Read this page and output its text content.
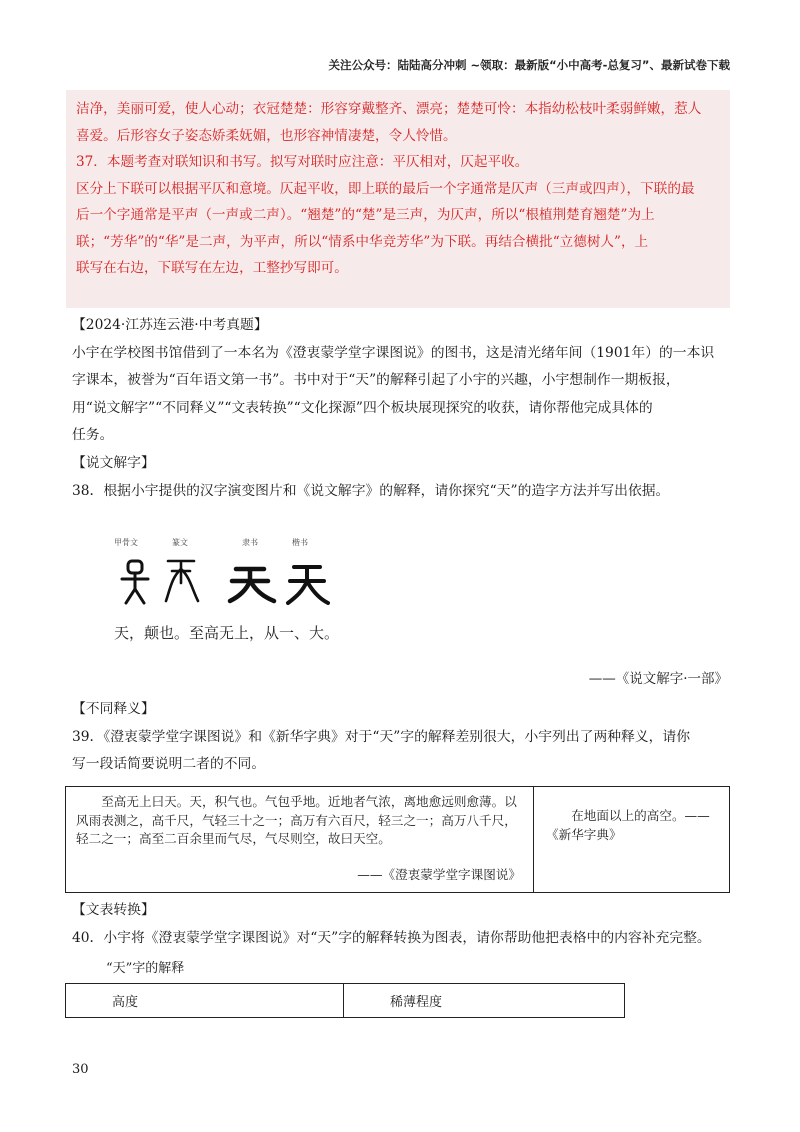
关注公众号：陆陆高分冲刺 ~领取：最新版“小中高考-总复习”、最新试卷下载

洁净，美丽可爱，使人心动；衣冠楚楚：形容穿戴整齐、漂亮；楚楚可怜：本指幼松枝叶柔弱鲜嫩，惹人

喜爱。后形容女子姿态娇柔妩媚，也形容神情凄楚，令人怜惜。

37．本题考查对联知识和书写。拟写对联时应注意：平仄相对，仄起平收。

区分上下联可以根据平仄和意境。仄起平收，即上联的最后一个字通常是仄声（三声或四声），下联的最

后一个字通常是平声（一声或二声）。“翘楚”的“楚”是三声，为仄声，所以“根植荆楚育翘楚”为上

联；“芳华”的“华”是二声，为平声，所以“情系中华竞芳华”为下联。再结合横批“立德树人”，上

联写在右边，下联写在左边，工整抄写即可。

【2024·江苏连云港·中考真题】

小宇在学校图书馆借到了一本名为《澄衷蒙学堂字课图说》的图书，这是清光绪年间（1901年）的一本识

字课本，被誉为“百年语文第一书”。书中对于“天”的解释引起了小宇的兴趣，小宇想制作一期板报，

用“说文解字”“不同释义”“文表转换”“文化探源”四个板块展现探究的收获，请你帮他完成具体的

任务。

【说文解字】

38．根据小宇提供的汉字演变图片和《说文解字》的解释，请你探究“天”的造字方法并写出依据。

甲骨文	篆文	隶书	楷书
天，颠也。至高无上，从一、大。
——《说文解字·一部》

【不同释义】

39．《澄衷蒙学堂字课图说》和《新华字典》对于“天”字的解释差别很大，小宇列出了两种释义，请你

写一段话简要说明二者的不同。

至高无上曰天。天，积气也。气包乎地。近地者气浓，离地愈远则愈薄。以风雨表测之，高千尺，气轻三十之一；高万有六百尺，轻三之一；高万八千尺，轻二之一；高至二百余里而气尽，气尽则空，故曰天空。
——《澄衷蒙学堂字课图说》

在地面以上的高空。——《新华字典》

【文表转换】

40．小宇将《澄衷蒙学堂字课图说》对“天”字的解释转换为图表，请你帮助他把表格中的内容补充完整。

“天”字的解释
高度	稀薄程度
30
